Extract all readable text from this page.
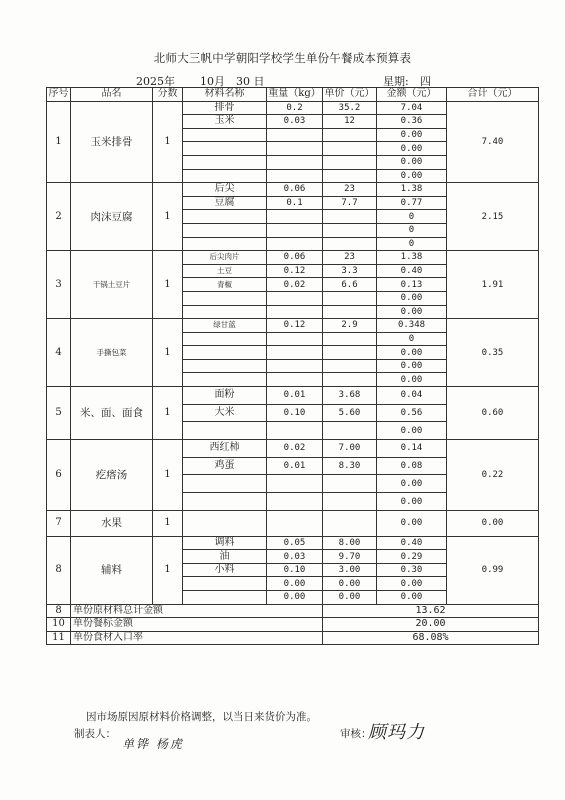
北师大三帆中学朝阳学校学生单份午餐成本预算表
2025年 10月 30 日	星期: 四
序号	品名	分数	材料名称	重量（kg）	单价（元）	金额（元）	合计（元）
1	玉米排骨	1	排骨	0.2	35.2	7.04	7.40
			玉米	0.03	12	0.36	
						0.00	
						0.00	
						0.00	
						0.00	
2	肉沫豆腐	1	后尖	0.06	23	1.38	2.15
			豆腐	0.1	7.7	0.77	
						0	
						0	
						0	
3	干锅土豆片	1	后尖肉片	0.06	23	1.38	1.91
			土豆	0.12	3.3	0.40	
			青椒	0.02	6.6	0.13	
						0.00	
						0.00	
4	手撕包菜	1	绿甘蓝	0.12	2.9	0.348	0.35
						0	
						0.00	
						0.00	
						0.00	
5	米、面、面食	1	面粉	0.01	3.68	0.04	0.60
			大米	0.10	5.60	0.56	
						0.00	
6	疙瘩汤	1	西红柿	0.02	7.00	0.14	0.22
			鸡蛋	0.01	8.30	0.08	
						0.00	
						0.00	
7	水果	1				0.00	0.00
8	辅料	1	调料	0.05	8.00	0.40	0.99
			油	0.03	9.70	0.29	
			小料	0.10	3.00	0.30	
				0.00	0.00	0.00	
				0.00	0.00	0.00	
8	单份原材料总计金额				13.62		
10	单份餐标金额				20.00		
11	单份食材入口率				68.08%		
因市场原因原材料价格调整，以当日来货价为准。
制表人：
单铧 杨虎
审核：
顾玛力
